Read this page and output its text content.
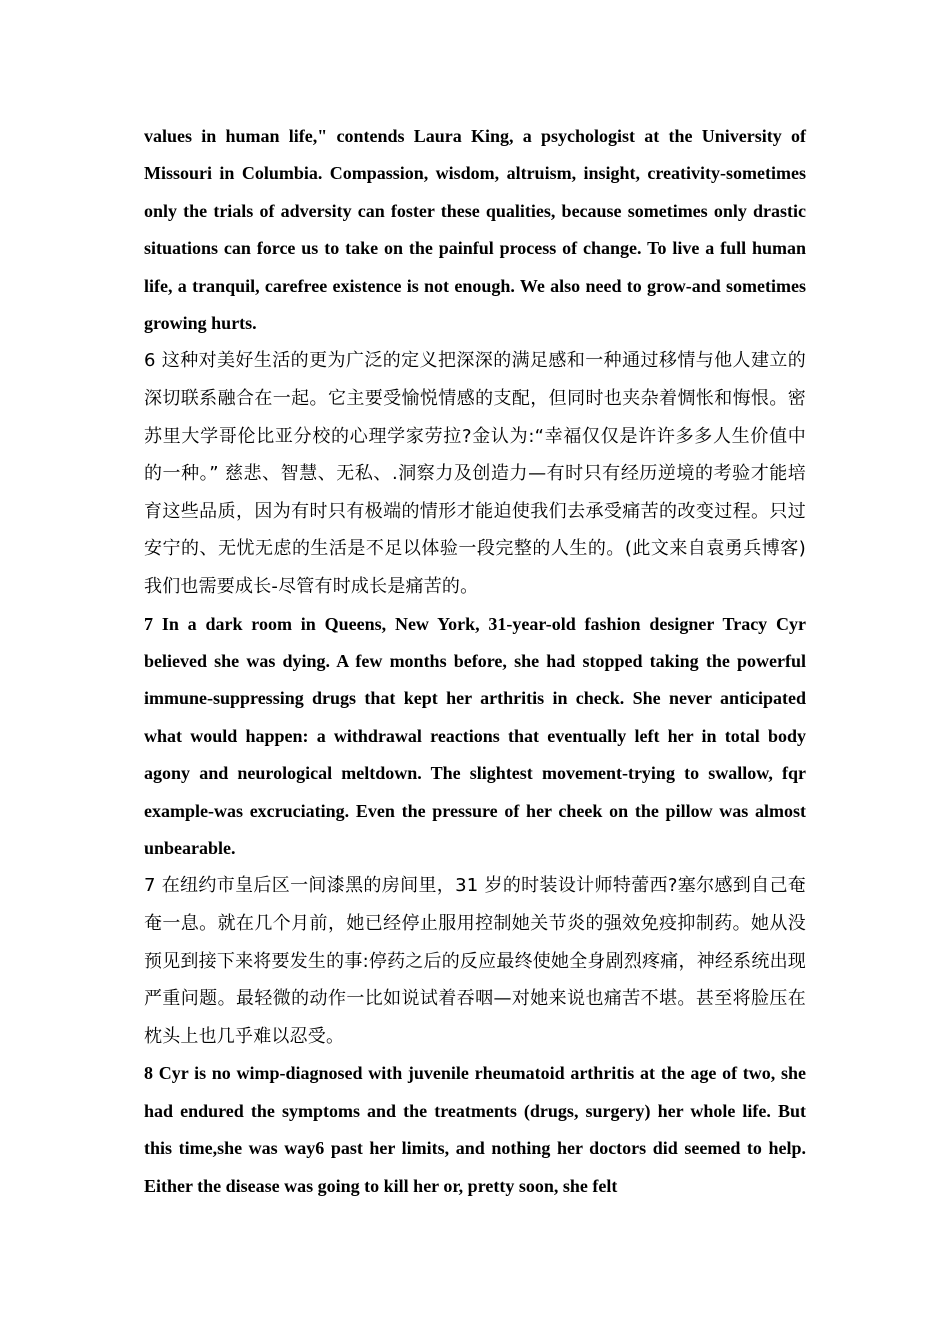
values in human life," contends Laura King, a psychologist at the University of Missouri in Columbia. Compassion, wisdom, altruism, insight, creativity-sometimes only the trials of adversity can foster these qualities, because sometimes only drastic situations can force us to take on the painful process of change. To live a full human life, a tranquil, carefree existence is not enough. We also need to grow-and sometimes growing hurts.

6 这种对美好生活的更为广泛的定义把深深的满足感和一种通过移情与他人建立的深切联系融合在一起。它主要受愉悦情感的支配，但同时也夹杂着惆怅和悔恨。密苏里大学哥伦比亚分校的心理学家劳拉?金认为:“幸福仅仅是许许多多人生价值中的一种。” 慈悲、智慧、无私、.洞察力及创造力—有时只有经历逆境的考验才能培育这些品质，因为有时只有极端的情形才能迫使我们去承受痛苦的改变过程。只过安宁的、无忧无虑的生活是不足以体验一段完整的人生的。(此文来自袁勇兵博客)我们也需要成长-尽管有时成长是痛苦的。

7 In a dark room in Queens, New York, 31-year-old fashion designer Tracy Cyr believed she was dying. A few months before, she had stopped taking the powerful immune-suppressing drugs that kept her arthritis in check. She never anticipated what would happen: a withdrawal reactions that eventually left her in total body agony and neurological meltdown. The slightest movement-trying to swallow, fqr example-was excruciating. Even the pressure of her cheek on the pillow was almost unbearable.

7 在纽约市皇后区一间漆黑的房间里，31 岁的时装设计师特蕾西?塞尔感到自己奄奄一息。就在几个月前，她已经停止服用控制她关节炎的强效免疫抑制药。她从没预见到接下来将要发生的事:停药之后的反应最终使她全身剧烈疼痛，神经系统出现严重问题。最轻微的动作一比如说试着吞咽—对她来说也痛苦不堪。甚至将脸压在枕头上也几乎难以忍受。

8 Cyr is no wimp-diagnosed with juvenile rheumatoid arthritis at the age of two, she had endured the symptoms and the treatments (drugs, surgery) her whole life. But this time,she was way6 past her limits, and nothing her doctors did seemed to help. Either the disease was going to kill her or, pretty soon, she felt
